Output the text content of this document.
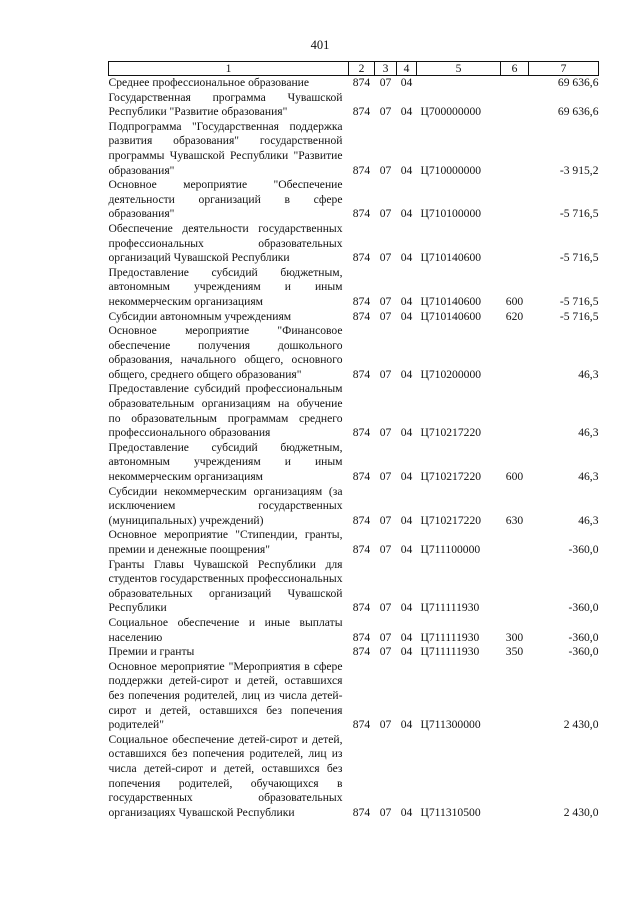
401
1	2	3	4	5	6	7
Среднее профессиональное образование	874	07	04			69 636,6
Государственная программа Чувашской Республики "Развитие образования"	874	07	04	Ц700000000		69 636,6
Подпрограмма "Государственная поддержка развития образования" государственной программы Чувашской Республики "Развитие образования"	874	07	04	Ц710000000		-3 915,2
Основное мероприятие "Обеспечение деятельности организаций в сфере образования"	874	07	04	Ц710100000		-5 716,5
Обеспечение деятельности государственных профессиональных образовательных организаций Чувашской Республики	874	07	04	Ц710140600		-5 716,5
Предоставление субсидий бюджетным, автономным учреждениям и иным некоммерческим организациям	874	07	04	Ц710140600	600	-5 716,5
Субсидии автономным учреждениям	874	07	04	Ц710140600	620	-5 716,5
Основное мероприятие "Финансовое обеспечение получения дошкольного образования, начального общего, основного общего, среднего общего образования"	874	07	04	Ц710200000		46,3
Предоставление субсидий профессиональным образовательным организациям на обучение по образовательным программам среднего профессионального образования	874	07	04	Ц710217220		46,3
Предоставление субсидий бюджетным, автономным учреждениям и иным некоммерческим организациям	874	07	04	Ц710217220	600	46,3
Субсидии некоммерческим организациям (за исключением государственных (муниципальных) учреждений)	874	07	04	Ц710217220	630	46,3
Основное мероприятие "Стипендии, гранты, премии и денежные поощрения"	874	07	04	Ц711100000		-360,0
Гранты Главы Чувашской Республики для студентов государственных профессиональных образовательных организаций Чувашской Республики	874	07	04	Ц711111930		-360,0
Социальное обеспечение и иные выплаты населению	874	07	04	Ц711111930	300	-360,0
Премии и гранты	874	07	04	Ц711111930	350	-360,0
Основное мероприятие "Мероприятия в сфере поддержки детей-сирот и детей, оставшихся без попечения родителей, лиц из числа детей-сирот и детей, оставшихся без попечения родителей"	874	07	04	Ц711300000		2 430,0
Социальное обеспечение детей-сирот и детей, оставшихся без попечения родителей, лиц из числа детей-сирот и детей, оставшихся без попечения родителей, обучающихся в государственных образовательных организациях Чувашской Республики	874	07	04	Ц711310500		2 430,0
